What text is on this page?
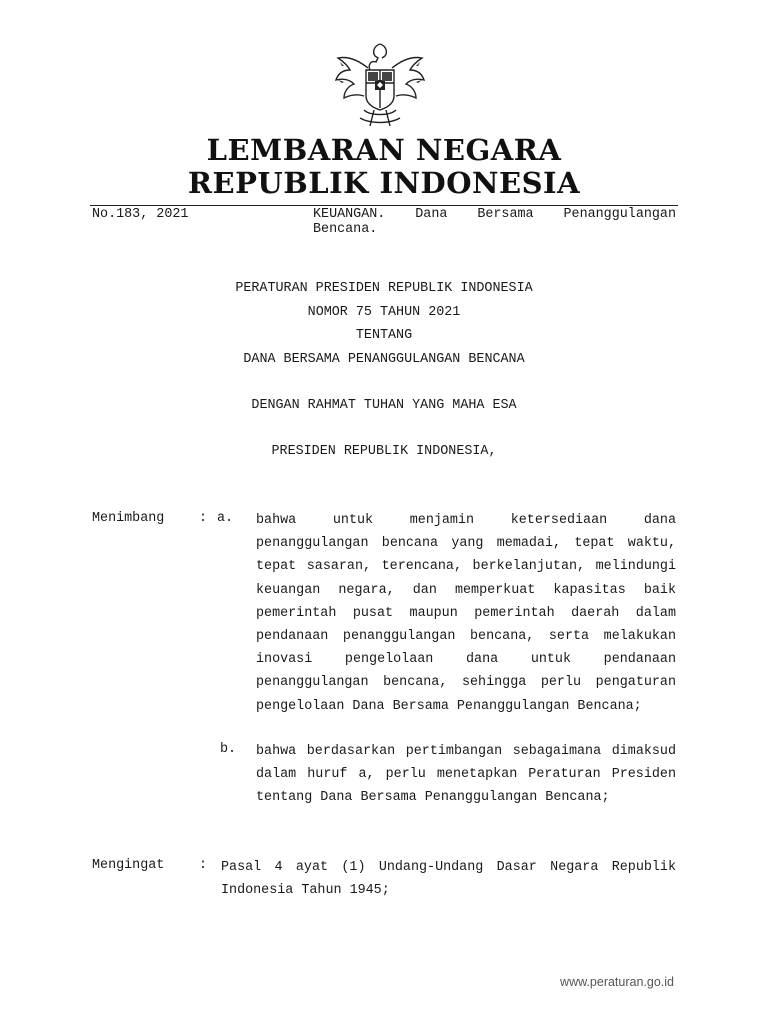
LEMBARAN NEGARA
REPUBLIK INDONESIA
No.183, 2021	KEUANGAN. Dana Bersama Penanggulangan Bencana.
PERATURAN PRESIDEN REPUBLIK INDONESIA
NOMOR 75 TAHUN 2021
TENTANG
DANA BERSAMA PENANGGULANGAN BENCANA
DENGAN RAHMAT TUHAN YANG MAHA ESA
PRESIDEN REPUBLIK INDONESIA,
Menimbang	: a. bahwa untuk menjamin ketersediaan dana penanggulangan bencana yang memadai, tepat waktu, tepat sasaran, terencana, berkelanjutan, melindungi keuangan negara, dan memperkuat kapasitas baik pemerintah pusat maupun pemerintah daerah dalam pendanaan penanggulangan bencana, serta melakukan inovasi pengelolaan dana untuk pendanaan penanggulangan bencana, sehingga perlu pengaturan pengelolaan Dana Bersama Penanggulangan Bencana;
b. bahwa berdasarkan pertimbangan sebagaimana dimaksud dalam huruf a, perlu menetapkan Peraturan Presiden tentang Dana Bersama Penanggulangan Bencana;
Mengingat	: Pasal 4 ayat (1) Undang-Undang Dasar Negara Republik Indonesia Tahun 1945;
www.peraturan.go.id
